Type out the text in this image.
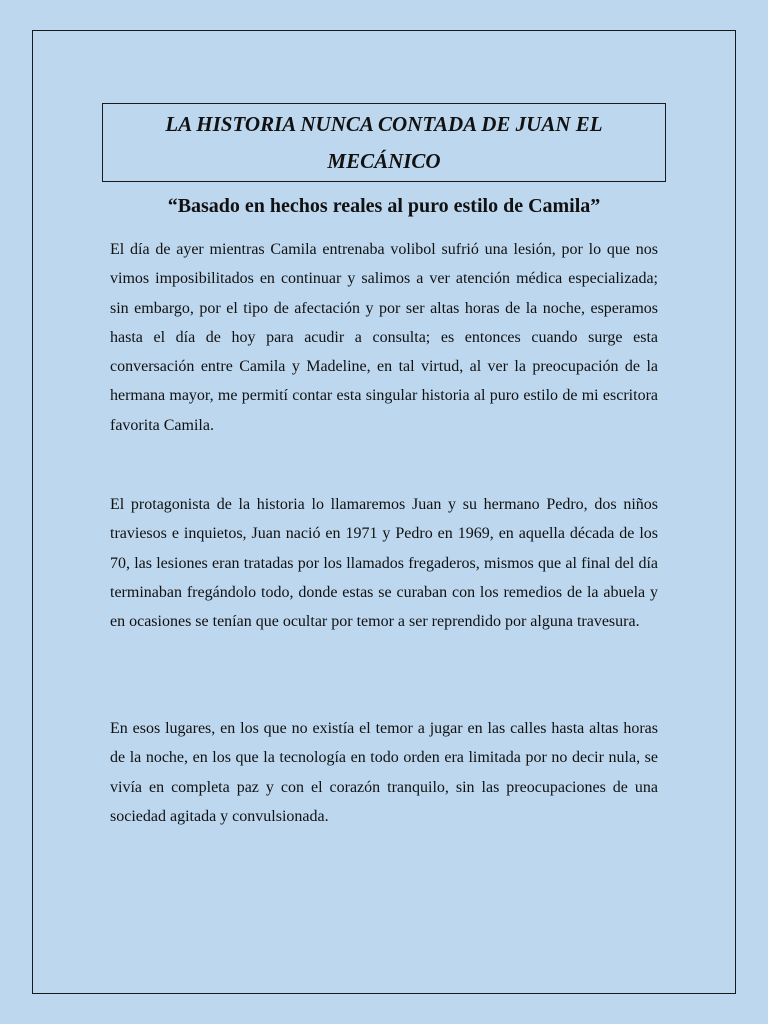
LA HISTORIA NUNCA CONTADA DE JUAN EL MECÁNICO

“Basado en hechos reales al puro estilo de Camila”

El día de ayer mientras Camila entrenaba volibol sufrió una lesión, por lo que nos vimos imposibilitados en continuar y salimos a ver atención médica especializada; sin embargo, por el tipo de afectación y por ser altas horas de la noche, esperamos hasta el día de hoy para acudir a consulta; es entonces cuando surge esta conversación entre Camila y Madeline, en tal virtud, al ver la preocupación de la hermana mayor, me permití contar esta singular historia al puro estilo de mi escritora favorita Camila.

El protagonista de la historia lo llamaremos Juan y su hermano Pedro, dos niños traviesos e inquietos, Juan nació en 1971 y Pedro en 1969, en aquella década de los 70, las lesiones eran tratadas por los llamados fregaderos, mismos que al final del día terminaban fregándolo todo, donde estas se curaban con los remedios de la abuela y en ocasiones se tenían que ocultar por temor a ser reprendido por alguna travesura.

En esos lugares, en los que no existía el temor a jugar en las calles hasta altas horas de la noche, en los que la tecnología en todo orden era limitada por no decir nula, se vivía en completa paz y con el corazón tranquilo, sin las preocupaciones de una sociedad agitada y convulsionada.
